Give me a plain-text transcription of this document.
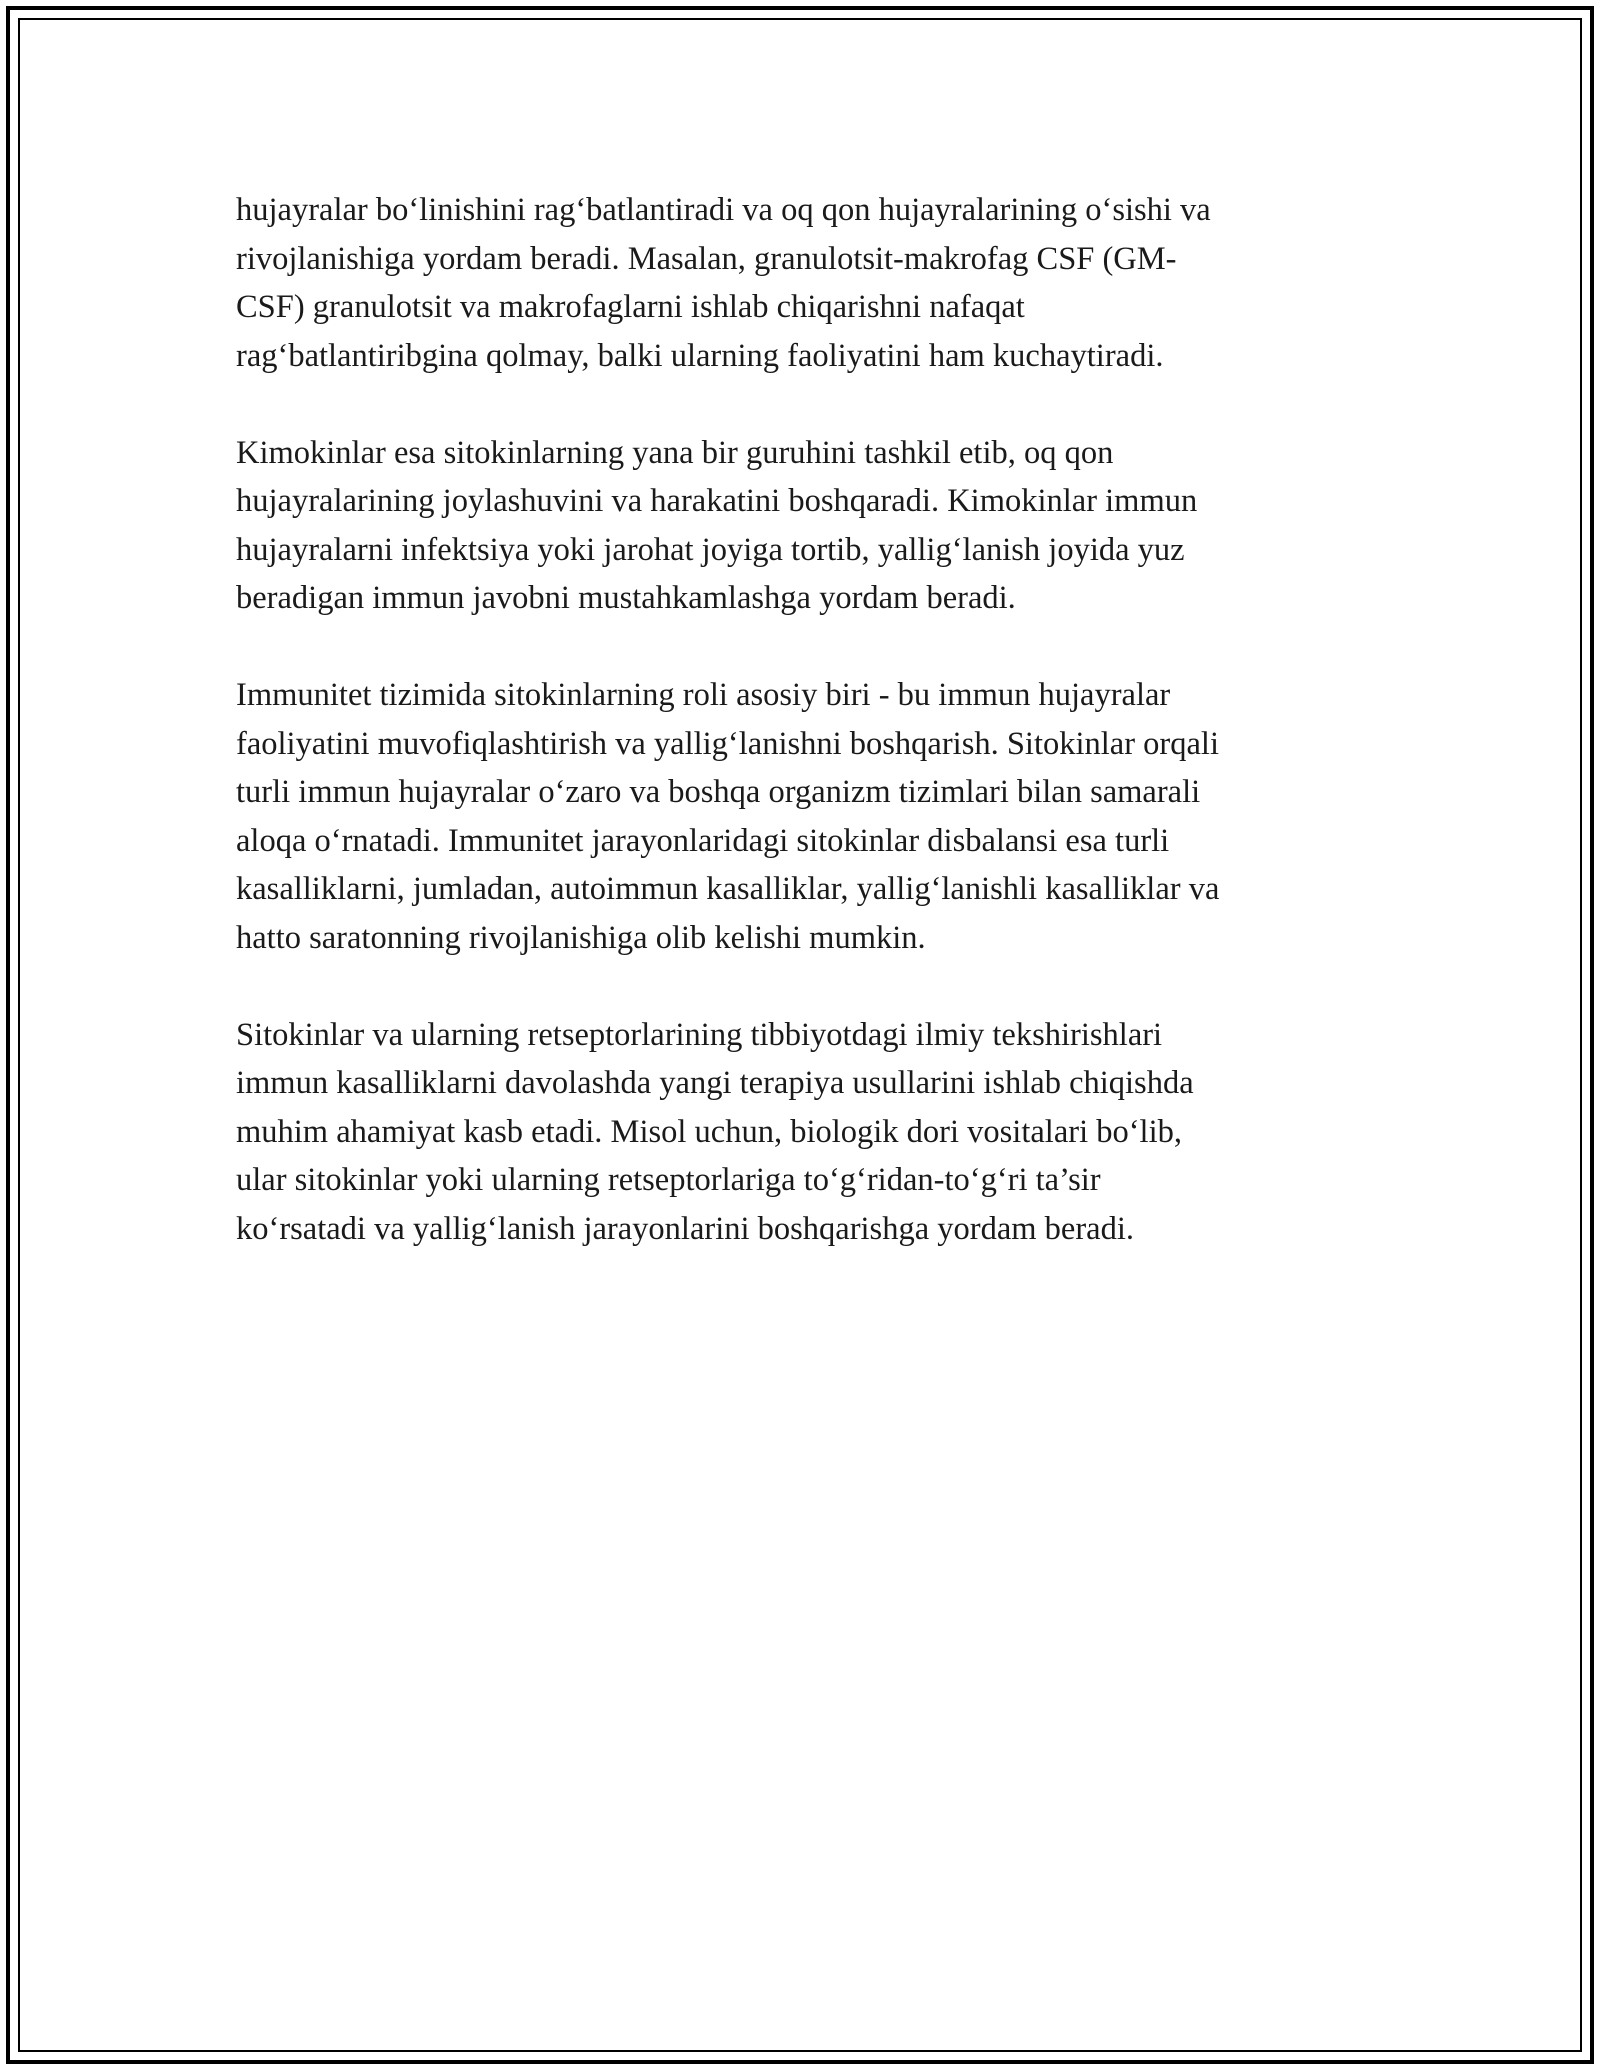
hujayralar bo‘linishini rag‘batlantiradi va oq qon hujayralarining o‘sishi va
rivojlanishiga yordam beradi. Masalan, granulotsit-makrofag CSF (GM-
CSF) granulotsit va makrofaglarni ishlab chiqarishni nafaqat
rag‘batlantiribgina qolmay, balki ularning faoliyatini ham kuchaytiradi.

Kimokinlar esa sitokinlarning yana bir guruhini tashkil etib, oq qon
hujayralarining joylashuvini va harakatini boshqaradi. Kimokinlar immun
hujayralarni infektsiya yoki jarohat joyiga tortib, yallig‘lanish joyida yuz
beradigan immun javobni mustahkamlashga yordam beradi.

Immunitet tizimida sitokinlarning roli asosiy biri - bu immun hujayralar
faoliyatini muvofiqlashtirish va yallig‘lanishni boshqarish. Sitokinlar orqali
turli immun hujayralar o‘zaro va boshqa organizm tizimlari bilan samarali
aloqa o‘rnatadi. Immunitet jarayonlaridagi sitokinlar disbalansi esa turli
kasalliklarni, jumladan, autoimmun kasalliklar, yallig‘lanishli kasalliklar va
hatto saratonning rivojlanishiga olib kelishi mumkin.

Sitokinlar va ularning retseptorlarining tibbiyotdagi ilmiy tekshirishlari
immun kasalliklarni davolashda yangi terapiya usullarini ishlab chiqishda
muhim ahamiyat kasb etadi. Misol uchun, biologik dori vositalari bo‘lib,
ular sitokinlar yoki ularning retseptorlariga to‘g‘ridan-to‘g‘ri ta’sir
ko‘rsatadi va yallig‘lanish jarayonlarini boshqarishga yordam beradi.
